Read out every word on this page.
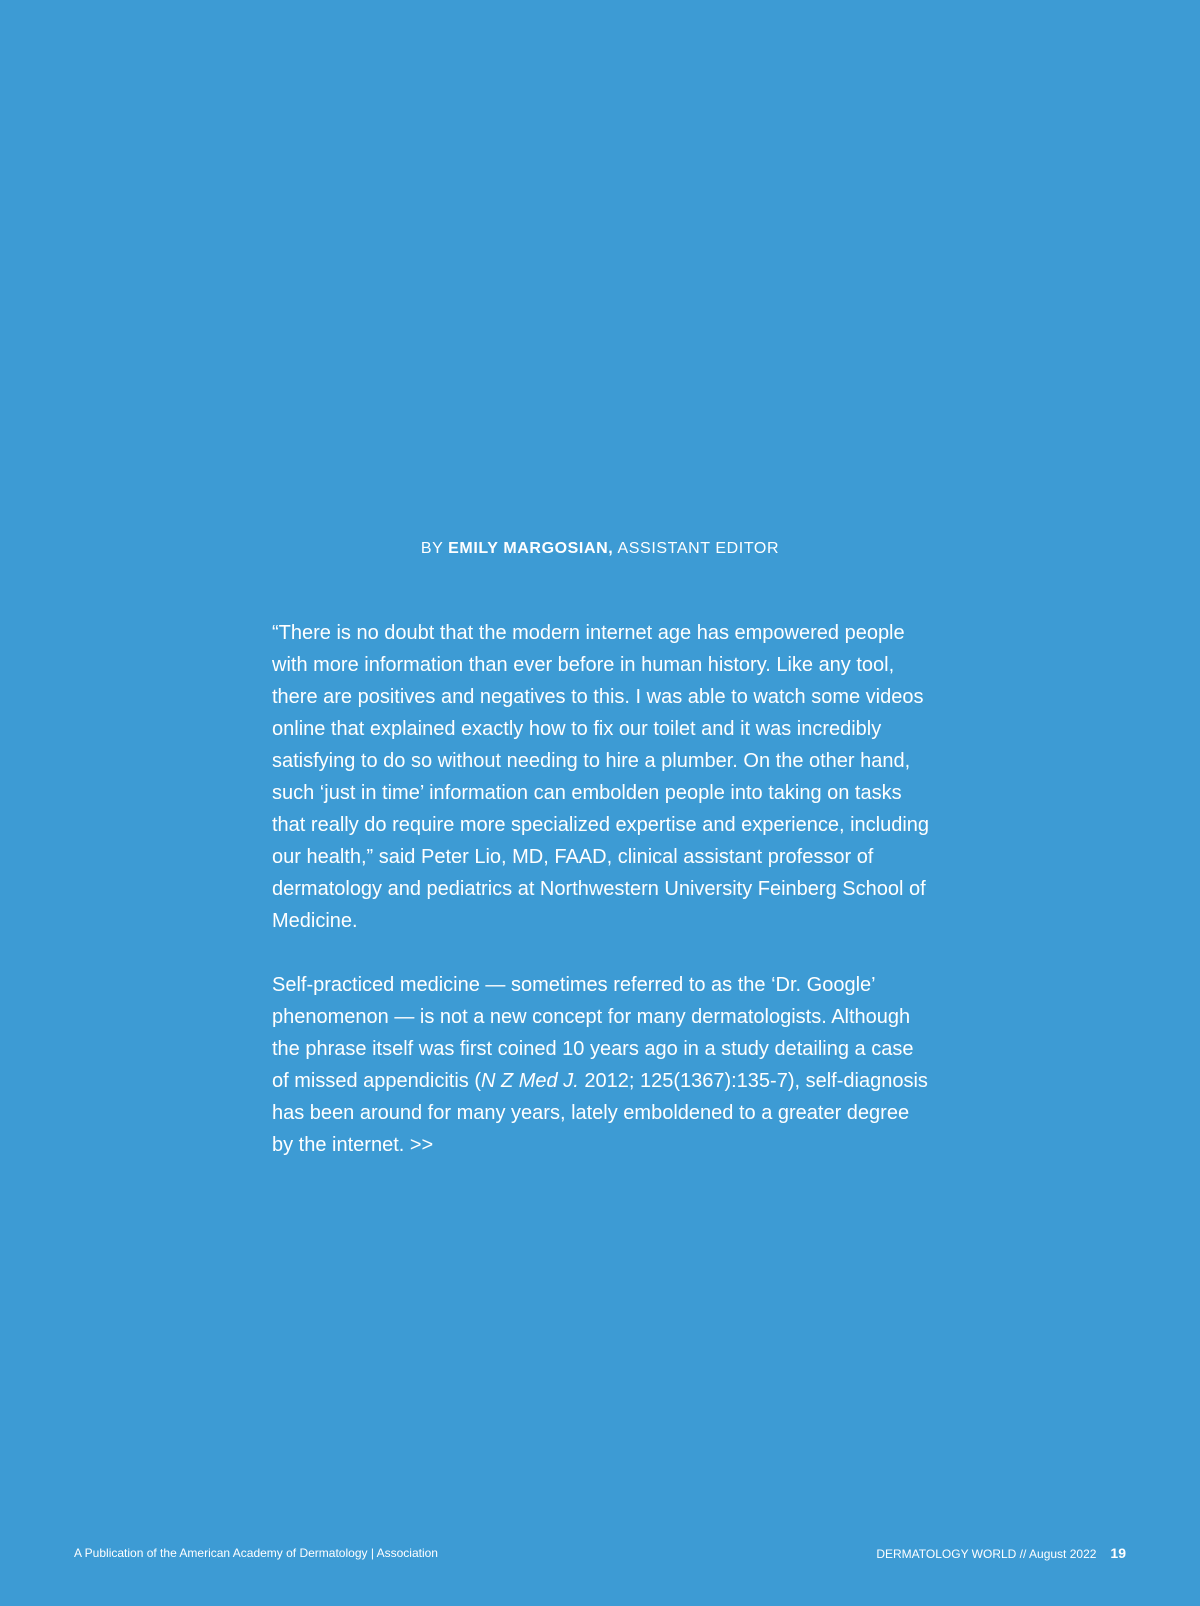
BY EMILY MARGOSIAN, ASSISTANT EDITOR

“There is no doubt that the modern internet age has empowered people with more information than ever before in human history. Like any tool, there are positives and negatives to this. I was able to watch some videos online that explained exactly how to fix our toilet and it was incredibly satisfying to do so without needing to hire a plumber. On the other hand, such ‘just in time’ information can embolden people into taking on tasks that really do require more specialized expertise and experience, including our health,” said Peter Lio, MD, FAAD, clinical assistant professor of dermatology and pediatrics at Northwestern University Feinberg School of Medicine.

Self-practiced medicine — sometimes referred to as the ‘Dr. Google’ phenomenon — is not a new concept for many dermatologists. Although the phrase itself was first coined 10 years ago in a study detailing a case of missed appendicitis (N Z Med J. 2012; 125(1367):135-7), self-diagnosis has been around for many years, lately emboldened to a greater degree by the internet. >>

A Publication of the American Academy of Dermatology | Association	DERMATOLOGY WORLD // August 2022 19
